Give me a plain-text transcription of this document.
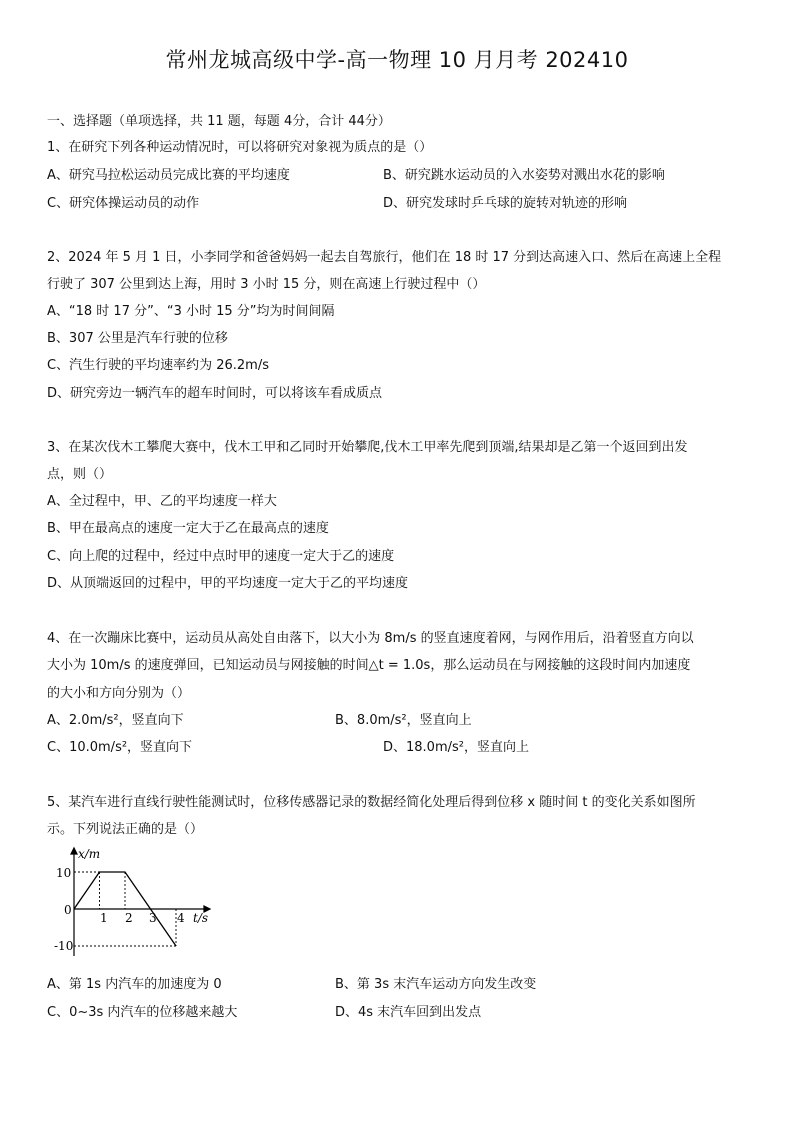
常州龙城高级中学-高一物理 10 月月考 202410
一、选择题（单项选择，共 11 题，每题 4分，合计 44分）
1、在研究下列各种运动情况时，可以将研究对象视为质点的是（）
A、研究马拉松运动员完成比赛的平均速度	B、研究跳水运动员的入水姿势对溅出水花的影响
C、研究体操运动员的动作	D、研究发球时乒乓球的旋转对轨迹的形响
2、2024 年 5 月 1 日，小李同学和爸爸妈妈一起去自驾旅行，他们在 18 时 17 分到达高速入口、然后在高速上全程
行驶了 307 公里到达上海，用时 3 小时 15 分，则在高速上行驶过程中（）
A、“18 时 17 分”、“3 小时 15 分”均为时间间隔
B、307 公里是汽车行驶的位移
C、汽生行驶的平均速率约为 26.2m/s
D、研究旁边一辆汽车的超车时间时，可以将该车看成质点
3、在某次伐木工攀爬大赛中，伐木工甲和乙同时开始攀爬,伐木工甲率先爬到顶端,结果却是乙第一个返回到出发
点，则（）
A、全过程中，甲、乙的平均速度一样大
B、甲在最高点的速度一定大于乙在最高点的速度
C、向上爬的过程中，经过中点时甲的速度一定大于乙的速度
D、从顶端返回的过程中，甲的平均速度一定大于乙的平均速度
4、在一次蹦床比赛中，运动员从高处自由落下，以大小为 8m/s 的竖直速度着网，与网作用后，沿着竖直方向以
大小为 10m/s 的速度弹回，已知运动员与网接触的时间△t = 1.0s，那么运动员在与网接触的这段时间内加速度
的大小和方向分别为（）
A、2.0m/s²，竖直向下	B、8.0m/s²，竖直向上
C、10.0m/s²，竖直向下	D、18.0m/s²，竖直向上
5、某汽车进行直线行驶性能测试时，位移传感器记录的数据经简化处理后得到位移 x 随时间 t 的变化关系如图所
示。下列说法正确的是（）
x/m
t/s
0
10
-10
1 2 3 4
A、第 1s 内汽车的加速度为 0	B、第 3s 末汽车运动方向发生改变
C、0~3s 内汽车的位移越来越大	D、4s 末汽车回到出发点
